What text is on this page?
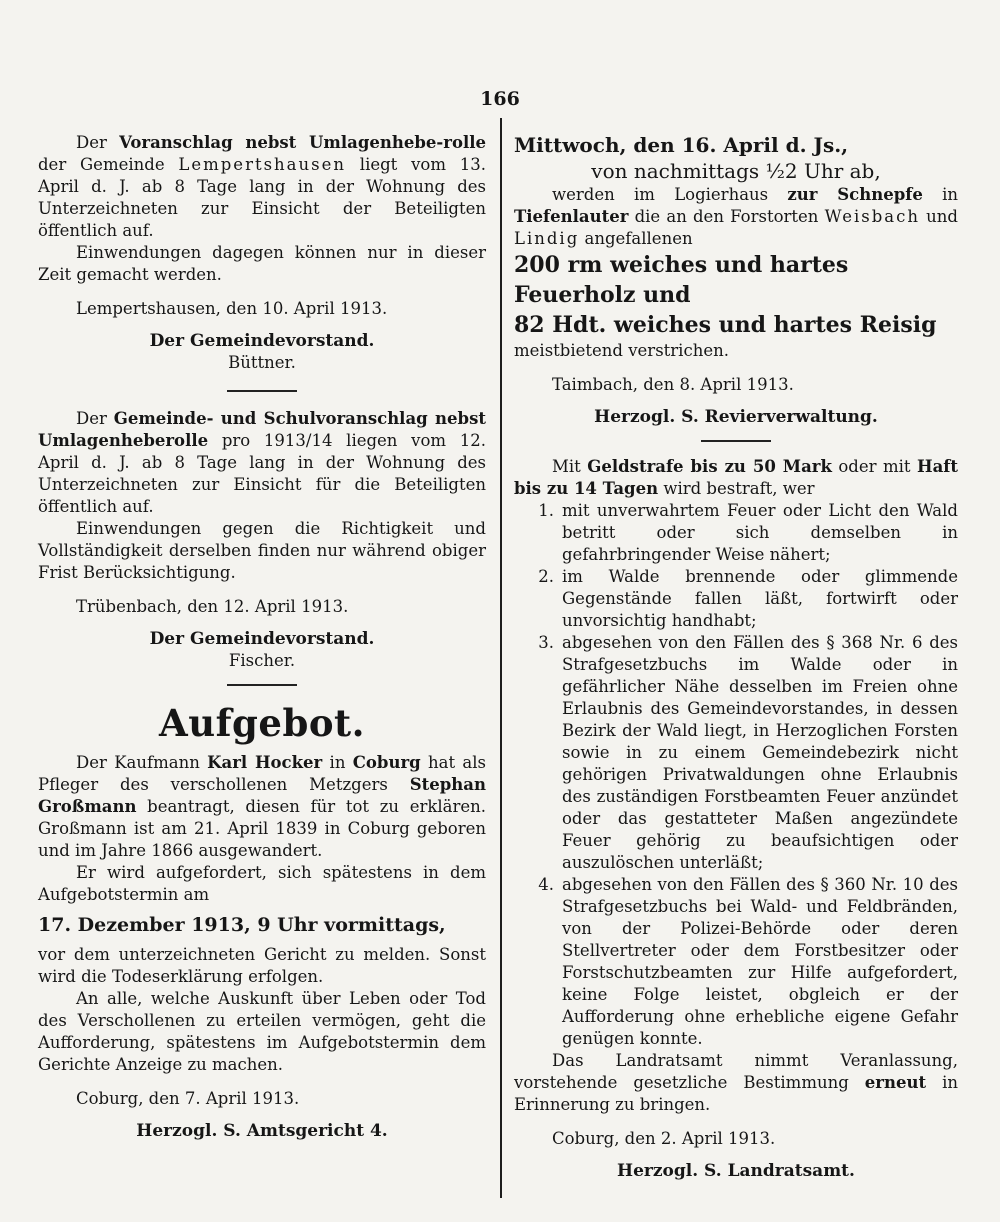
166

Der Voranschlag nebst Umlagenhebe-rolle der Gemeinde Lempertshausen liegt vom 13. April d. J. ab 8 Tage lang in der Wohnung des Unterzeichneten zur Einsicht der Beteiligten öffentlich auf.

Einwendungen dagegen können nur in dieser Zeit gemacht werden.

Lempertshausen, den 10. April 1913.

Der Gemeindevorstand.
Büttner.

Der Gemeinde- und Schulvoranschlag nebst Umlagenheberolle pro 1913/14 liegen vom 12. April d. J. ab 8 Tage lang in der Wohnung des Unterzeichneten zur Einsicht für die Beteiligten öffentlich auf.

Einwendungen gegen die Richtigkeit und Vollständigkeit derselben finden nur während obiger Frist Berücksichtigung.

Trübenbach, den 12. April 1913.

Der Gemeindevorstand.
Fischer.
Aufgebot.

Der Kaufmann Karl Hocker in Coburg hat als Pfleger des verschollenen Metzgers Stephan Großmann beantragt, diesen für tot zu erklären. Großmann ist am 21. April 1839 in Coburg geboren und im Jahre 1866 ausgewandert.

Er wird aufgefordert, sich spätestens in dem Aufgebotstermin am

17. Dezember 1913, 9 Uhr vormittags,

vor dem unterzeichneten Gericht zu melden. Sonst wird die Todeserklärung erfolgen.

An alle, welche Auskunft über Leben oder Tod des Verschollenen zu erteilen vermögen, geht die Aufforderung, spätestens im Aufgebotstermin dem Gerichte Anzeige zu machen.

Coburg, den 7. April 1913.

Herzogl. S. Amtsgericht 4.
Mittwoch, den 16. April d. Js.,
von nachmittags ½2 Uhr ab,

werden im Logierhaus zur Schnepfe in Tiefenlauter die an den Forstorten Weisbach und Lindig angefallenen

200 rm weiches und hartes Feuerholz und
82 Hdt. weiches und hartes Reisig

meistbietend verstrichen.

Taimbach, den 8. April 1913.

Herzogl. S. Revierverwaltung.

Mit Geldstrafe bis zu 50 Mark oder mit Haft bis zu 14 Tagen wird bestraft, wer

1. mit unverwahrtem Feuer oder Licht den Wald betritt oder sich demselben in gefahrbringender Weise nähert;

2. im Walde brennende oder glimmende Gegenstände fallen läßt, fortwirft oder unvorsichtig handhabt;

3. abgesehen von den Fällen des § 368 Nr. 6 des Strafgesetzbuchs im Walde oder in gefährlicher Nähe desselben im Freien ohne Erlaubnis des Gemeindevorstandes, in dessen Bezirk der Wald liegt, in Herzoglichen Forsten sowie in zu einem Gemeindebezirk nicht gehörigen Privatwaldungen ohne Erlaubnis des zuständigen Forstbeamten Feuer anzündet oder das gestatteter Maßen angezündete Feuer gehörig zu beaufsichtigen oder auszulöschen unterläßt;

4. abgesehen von den Fällen des § 360 Nr. 10 des Strafgesetzbuchs bei Wald- und Feldbränden, von der Polizei-Behörde oder deren Stellvertreter oder dem Forstbesitzer oder Forstschutzbeamten zur Hilfe aufgefordert, keine Folge leistet, obgleich er der Aufforderung ohne erhebliche eigene Gefahr genügen konnte.

Das Landratsamt nimmt Veranlassung, vorstehende gesetzliche Bestimmung erneut in Erinnerung zu bringen.

Coburg, den 2. April 1913.

Herzogl. S. Landratsamt.
